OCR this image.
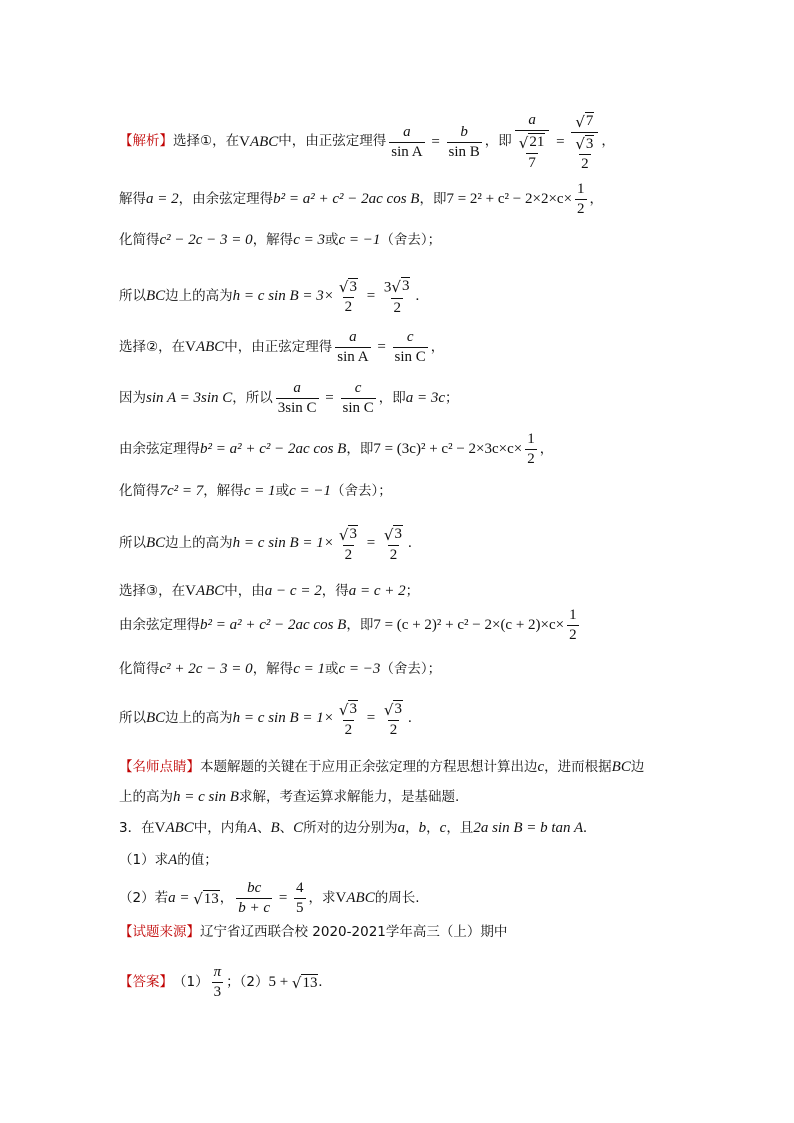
【解析】 选择①，在 V ABC 中，由正弦定理得 $\frac{a}{\text{sin A}} = \frac{b}{\text{sin B}}$ ，即 $\frac{a}{\frac{√ 21}{7}} = \frac{√ 7}{\frac{√ 3}{2}}$ ，
解得 a = 2 ，由余弦定理得 b² = a² + c² − 2ac cos B ，即 $7 = 2^2 + c^2 - 2\times 2\times c\times \frac{1}{2}$ ，
化简得 c² − 2c − 3 = 0 ，解得 c = 3 或 c = −1 （舍去）；
所以 BC 边上的高为 h = c $\sin B = 3\times \frac{√ 3}{2} = \frac{3 √ 3}{2}$ .
选择②，在 V ABC 中，由正弦定理得 $\frac{a}{\text{sin A}} = \frac{c}{\text{sin C}}$ ，
因为 sin A = 3sin C ，所以 $\frac{a}{\text{3sin C}} = \frac{c}{\text{sin C}}$ ，即 a = 3c ；
由余弦定理得 b² = a² + c² − 2ac cos B ，即 $7 = (3c)^2 + c^2 - 2\times 3c\times c\times \frac{1}{2}$ ，
化简得 7c² = 7 ，解得 c = 1 或 c = −1 （舍去）；
所以 BC 边上的高为 h = c $\sin B = 1\times \frac{√ 3}{2} = \frac{√ 3}{2}$ .
选择③，在 V ABC 中，由 a − c = 2 ，得 a = c + 2 ；
由余弦定理得 b² = a² + c² − 2ac cos B ，即 $7 = (c + 2)^2 + c^2 - 2\times(c + 2)\times c\times \frac{1}{2}$
化简得 c² + 2c − 3 = 0 ，解得 c = 1 或 c = −3 （舍去）；
所以 BC 边上的高为 h = c $\sin B = 1\times \frac{√ 3}{2} = \frac{√ 3}{2}$ .
【名师点睛】 本题解题的关键在于应用正余弦定理的方程思想计算出边 c ，进而根据 BC 边
上的高为 h = c sin B 求解，考查运算求解能力，是基础题.
3．在 V ABC 中，内角 A 、 B 、 C 所对的边分别为 a ， b ， c ，且 2a sin B = b tan A .
（1）求 A 的值；
（2）若 a = √ 13 ， $\frac{bc}{b + c} = \frac{4}{5}$ ，求 V ABC 的周长.
【试题来源】 辽宁省辽西联合校 2020-2021学年高三（上）期中
【答案】 $(1) \frac{\pi}{3}$ ；（2） 5 + √ 13 .
